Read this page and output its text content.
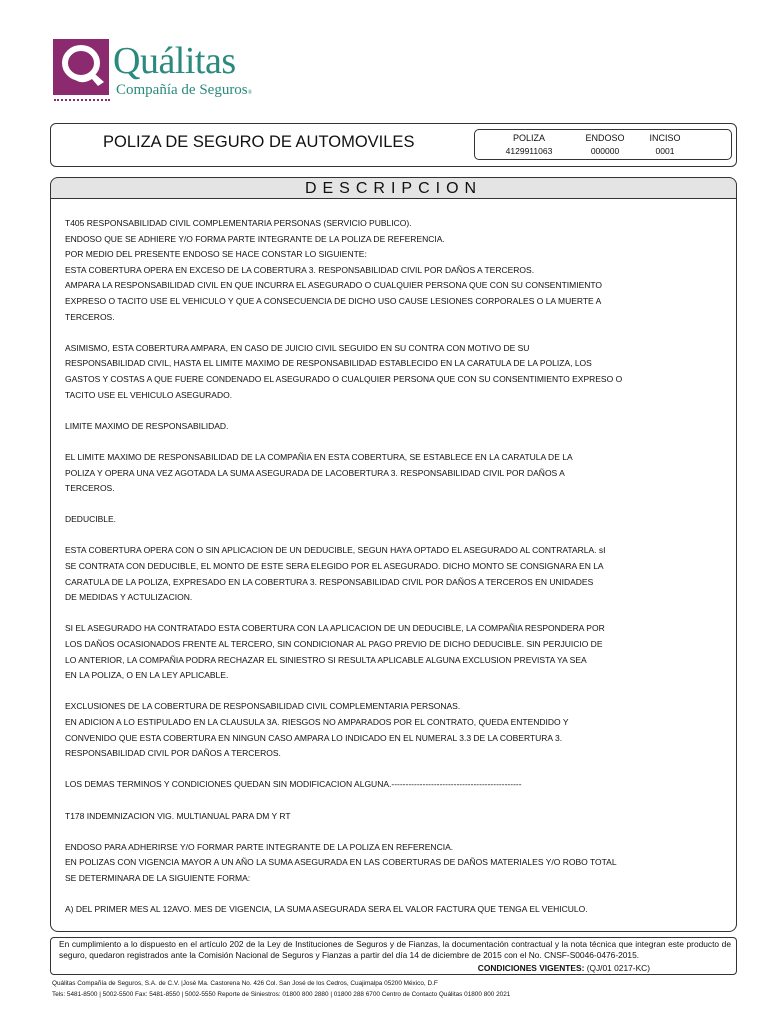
Quálitas
Compañía de Seguros®
POLIZA DE SEGURO DE AUTOMOVILES	POLIZA
4129911063
ENDOSO
000000
INCISO
0001
DESCRIPCION
T405 RESPONSABILIDAD CIVIL COMPLEMENTARIA PERSONAS (SERVICIO PUBLICO).
ENDOSO QUE SE ADHIERE Y/O FORMA PARTE INTEGRANTE DE LA POLIZA DE REFERENCIA.
POR MEDIO DEL PRESENTE ENDOSO SE HACE CONSTAR LO SIGUIENTE:
ESTA COBERTURA OPERA EN EXCESO DE LA COBERTURA 3. RESPONSABILIDAD CIVIL POR DAÑOS A TERCEROS.
AMPARA LA RESPONSABILIDAD CIVIL EN QUE INCURRA EL ASEGURADO O CUALQUIER PERSONA QUE CON SU CONSENTIMIENTO
EXPRESO O TACITO USE EL VEHICULO Y QUE A CONSECUENCIA DE DICHO USO CAUSE LESIONES CORPORALES O LA MUERTE A
TERCEROS.
ASIMISMO, ESTA COBERTURA AMPARA, EN CASO DE JUICIO CIVIL SEGUIDO EN SU CONTRA CON MOTIVO DE SU
RESPONSABILIDAD CIVIL, HASTA EL LIMITE MAXIMO DE RESPONSABILIDAD ESTABLECIDO EN LA CARATULA DE LA POLIZA, LOS
GASTOS Y COSTAS A QUE FUERE CONDENADO EL ASEGURADO O CUALQUIER PERSONA QUE CON SU CONSENTIMIENTO EXPRESO O
TACITO USE EL VEHICULO ASEGURADO.
LIMITE MAXIMO DE RESPONSABILIDAD.
EL LIMITE MAXIMO DE RESPONSABILIDAD DE LA COMPAÑIA EN ESTA COBERTURA, SE ESTABLECE EN LA CARATULA DE LA
POLIZA Y OPERA UNA VEZ AGOTADA LA SUMA ASEGURADA DE LACOBERTURA 3. RESPONSABILIDAD CIVIL POR DAÑOS A
TERCEROS.
DEDUCIBLE.
ESTA COBERTURA OPERA CON O SIN APLICACION DE UN DEDUCIBLE, SEGUN HAYA OPTADO EL ASEGURADO AL CONTRATARLA. sI
SE CONTRATA CON DEDUCIBLE, EL MONTO DE ESTE SERA ELEGIDO POR EL ASEGURADO. DICHO MONTO SE CONSIGNARA EN LA
CARATULA DE LA POLIZA, EXPRESADO EN LA COBERTURA 3. RESPONSABILIDAD CIVIL POR DAÑOS A TERCEROS EN UNIDADES
DE MEDIDAS Y ACTULIZACION.
SI EL ASEGURADO HA CONTRATADO ESTA COBERTURA CON LA APLICACION DE UN DEDUCIBLE, LA COMPAÑIA RESPONDERA POR
LOS DAÑOS OCASIONADOS FRENTE AL TERCERO, SIN CONDICIONAR AL PAGO PREVIO DE DICHO DEDUCIBLE. SIN PERJUICIO DE
LO ANTERIOR, LA COMPAÑIA PODRA RECHAZAR EL SINIESTRO SI RESULTA APLICABLE ALGUNA EXCLUSION PREVISTA YA SEA
EN LA POLIZA, O EN LA LEY APLICABLE.
EXCLUSIONES DE LA COBERTURA DE RESPONSABILIDAD CIVIL COMPLEMENTARIA PERSONAS.
EN ADICION A LO ESTIPULADO EN LA CLAUSULA 3A. RIESGOS NO AMPARADOS POR EL CONTRATO, QUEDA ENTENDIDO Y
CONVENIDO QUE ESTA COBERTURA EN NINGUN CASO AMPARA LO INDICADO EN EL NUMERAL 3.3 DE LA COBERTURA 3.
RESPONSABILIDAD CIVIL POR DAÑOS A TERCEROS.
LOS DEMAS TERMINOS Y CONDICIONES QUEDAN SIN MODIFICACION ALGUNA.----------------------------------------------
T178 INDEMNIZACION VIG. MULTIANUAL PARA DM Y RT
ENDOSO PARA ADHERIRSE Y/O FORMAR PARTE INTEGRANTE DE LA POLIZA EN REFERENCIA.
EN POLIZAS CON VIGENCIA MAYOR A UN AÑO LA SUMA ASEGURADA EN LAS COBERTURAS DE DAÑOS MATERIALES Y/O ROBO TOTAL
SE DETERMINARA DE LA SIGUIENTE FORMA:
A) DEL PRIMER MES AL 12AVO. MES DE VIGENCIA, LA SUMA ASEGURADA SERA EL VALOR FACTURA QUE TENGA EL VEHICULO.
En cumplimiento a lo dispuesto en el artículo 202 de la Ley de Instituciones de Seguros y de Fianzas, la documentación contractual y la nota técnica que integran este producto de seguro, quedaron registrados ante la Comisión Nacional de Seguros y Fianzas a partir del día 14 de diciembre de 2015 con el No. CNSF-S0046-0476-2015.
CONDICIONES VIGENTES: (QJ/01 0217-KC)
Quálitas Compañía de Seguros, S.A. de C.V. |José Ma. Castorena No. 426 Col. San José de los Cedros, Cuajimalpa 05200 México, D.F
Tels: 5481-8500 | 5002-5500 Fax: 5481-8550 | 5002-5550 Reporte de Siniestros: 01800 800 2880 | 01800 288 6700 Centro de Contacto Quálitas 01800 800 2021
